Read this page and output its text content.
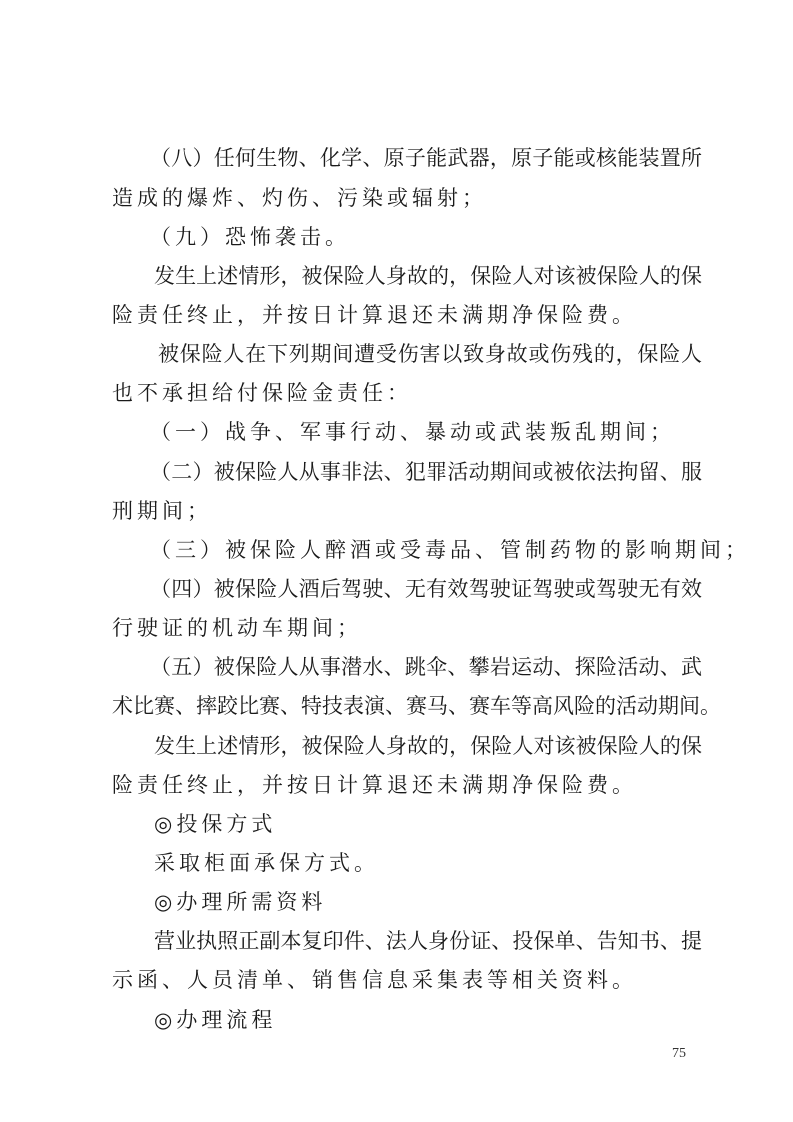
（八）任何生物、化学、原子能武器，原子能或核能装置所
造成的爆炸、灼伤、污染或辐射；
（九）恐怖袭击。
发生上述情形，被保险人身故的，保险人对该被保险人的保
险责任终止，并按日计算退还未满期净保险费。
被保险人在下列期间遭受伤害以致身故或伤残的，保险人
也不承担给付保险金责任：
（一）战争、军事行动、暴动或武装叛乱期间；
（二）被保险人从事非法、犯罪活动期间或被依法拘留、服
刑期间；
（三）被保险人醉酒或受毒品、管制药物的影响期间；
（四）被保险人酒后驾驶、无有效驾驶证驾驶或驾驶无有效
行驶证的机动车期间；
（五）被保险人从事潜水、跳伞、攀岩运动、探险活动、武
术比赛、摔跤比赛、特技表演、赛马、赛车等高风险的活动期间。
发生上述情形，被保险人身故的，保险人对该被保险人的保
险责任终止，并按日计算退还未满期净保险费。
◎投保方式
采取柜面承保方式。
◎办理所需资料
营业执照正副本复印件、法人身份证、投保单、告知书、提
示函、人员清单、销售信息采集表等相关资料。
◎办理流程
75
